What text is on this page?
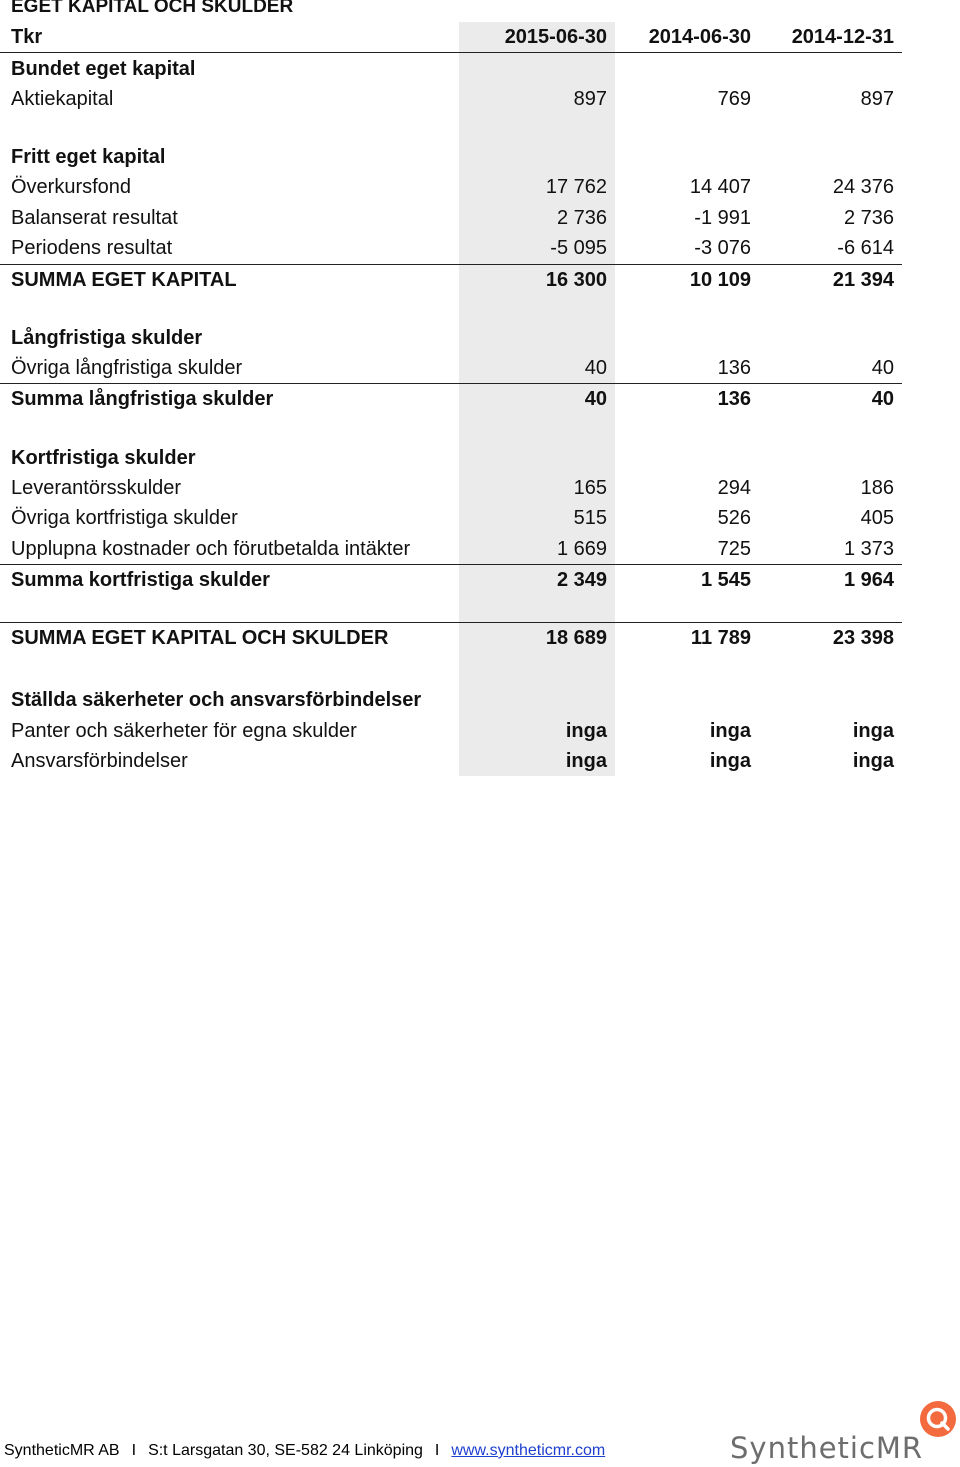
EGET KAPITAL OCH SKULDER
Tkr	2015-06-30 2014-06-30 2014-12-31
Bundet eget kapital
Aktiekapital	897	769	897
Fritt eget kapital
Överkursfond	17 762	14 407	24 376
Balanserat resultat	2 736	-1 991	2 736
Periodens resultat	-5 095	-3 076	-6 614
SUMMA EGET KAPITAL	16 300	10 109	21 394
Långfristiga skulder
Övriga långfristiga skulder	40	136	40
Summa långfristiga skulder	40	136	40
Kortfristiga skulder
Leverantörsskulder	165	294	186
Övriga kortfristiga skulder	515	526	405
Upplupna kostnader och förutbetalda intäkter	1 669	725	1 373
Summa kortfristiga skulder	2 349	1 545	1 964
SUMMA EGET KAPITAL OCH SKULDER	18 689	11 789	23 398
Ställda säkerheter och ansvarsförbindelser
Panter och säkerheter för egna skulder	inga	inga	inga
Ansvarsförbindelser	inga	inga	inga
SyntheticMR AB I S:t Larsgatan 30, SE-582 24 Linköping I www.syntheticmr.com	SyntheticMR
